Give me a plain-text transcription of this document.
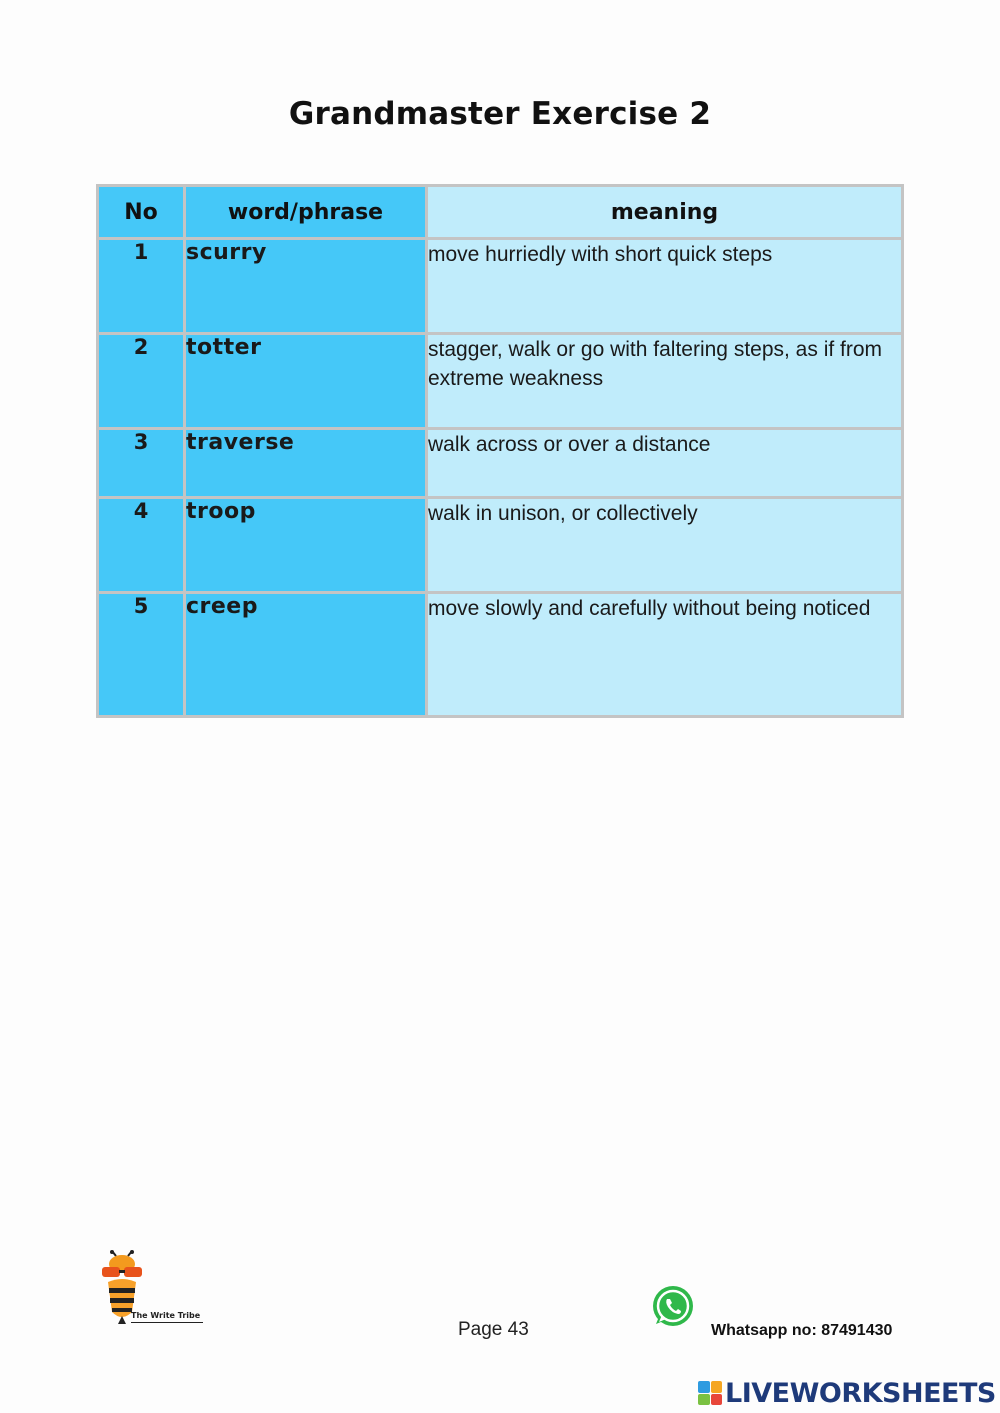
Grandmaster Exercise 2
No	word/phrase	meaning
1	scurry	move hurriedly with short quick steps
2	totter	stagger, walk or go with faltering steps, as if from extreme weakness
3	traverse	walk across or over a distance
4	troop	walk in unison, or collectively
5	creep	move slowly and carefully without being noticed
The Write Tribe
Page 43	Whatsapp no: 87491430
LIVEWORKSHEETS
